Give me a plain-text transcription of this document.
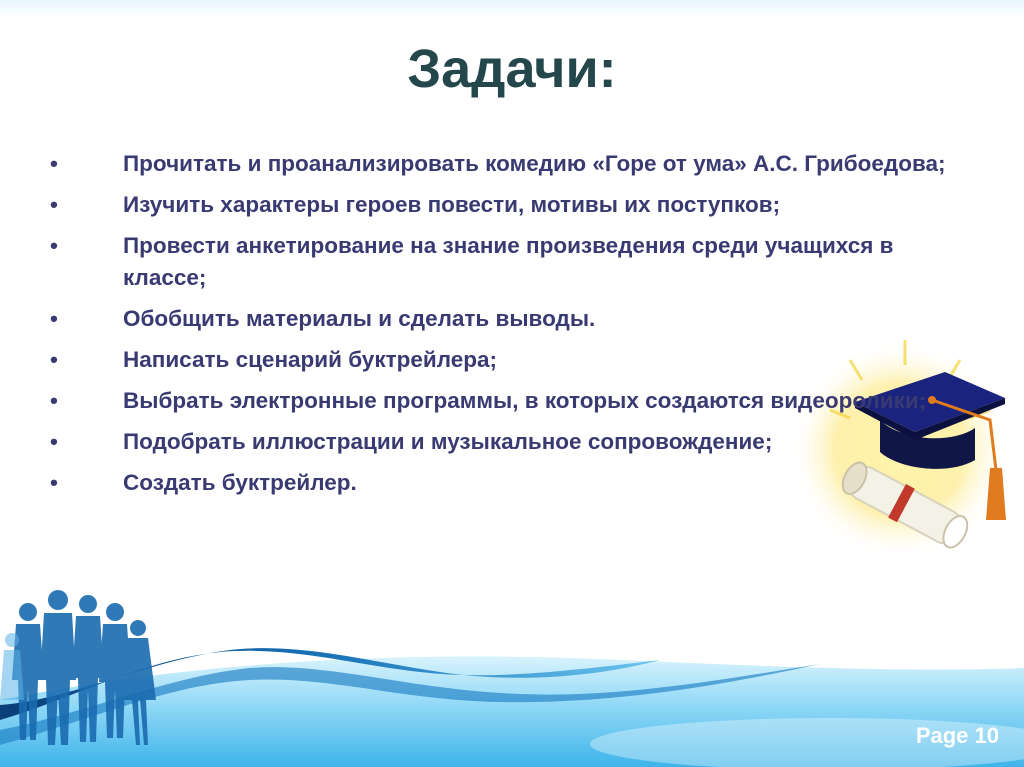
Задачи:
•	Прочитать и проанализировать комедию «Горе от ума» А.С. Грибоедова;
•	Изучить характеры героев повести, мотивы их поступков;
•	Провести анкетирование на знание произведения среди учащихся в классе;
•	Обобщить материалы и сделать выводы.
•	Написать сценарий буктрейлера;
•	Выбрать электронные программы, в которых создаются видеоролики;
•	Подобрать иллюстрации и музыкальное сопровождение;
•	Создать буктрейлер.
Page 10
